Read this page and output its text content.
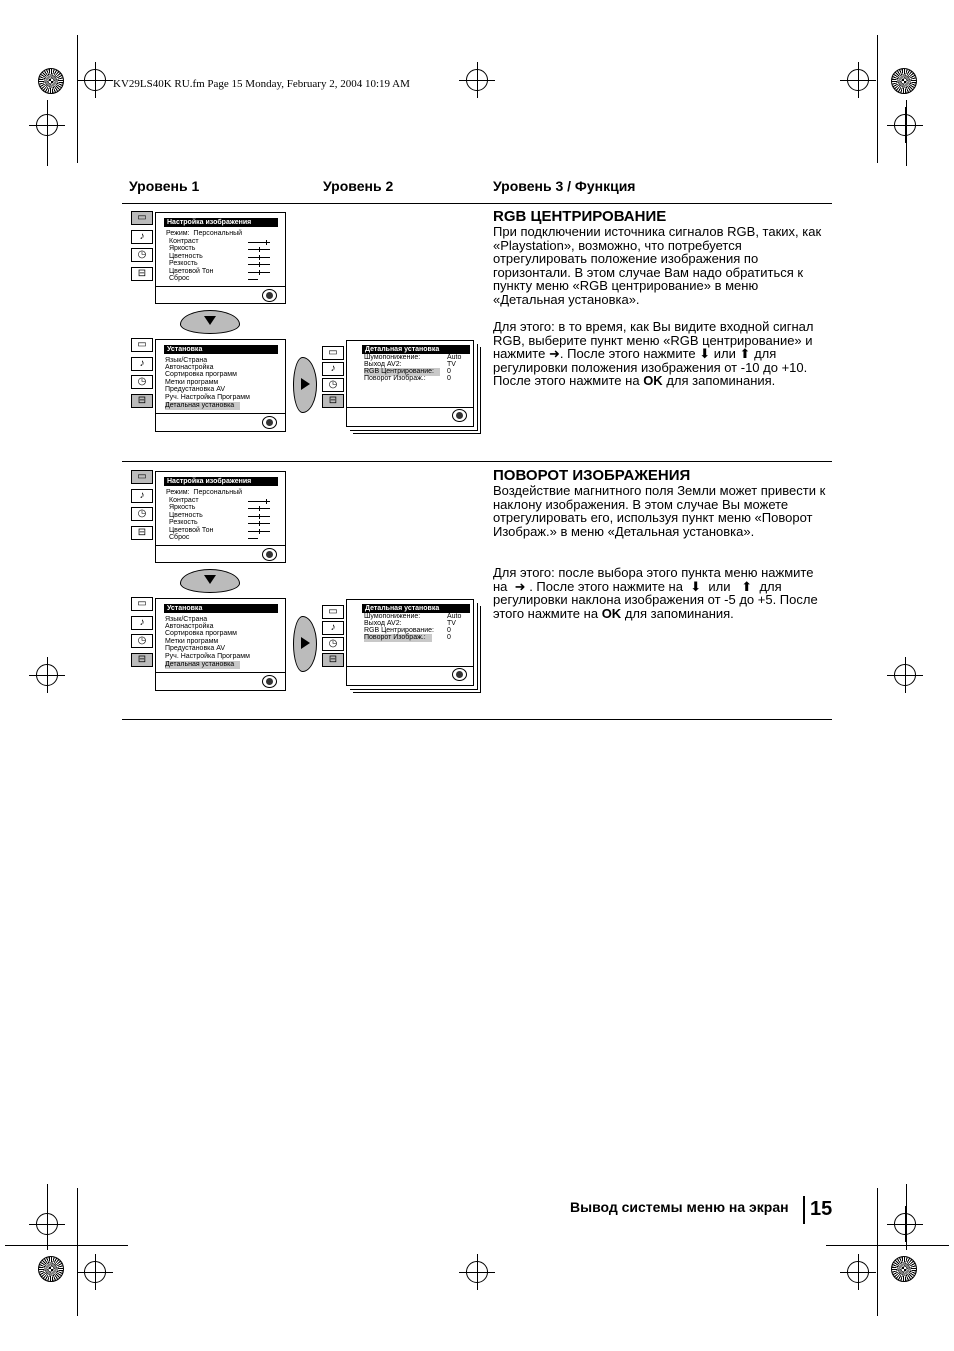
KV29LS40K RU.fm Page 15 Monday, February 2, 2004 10:19 AM
Уровень 1	Уровень 2	Уровень 3 / Функция
▭
♪
◷
⊟
Настройка изображения
Режим: Персональный
Контраст
Яркость
Цветность
Резкость
Цветовой Тон
Сброс
▭
♪
◷
⊟
Установка
Язык/Страна
Автонастройка
Сортировка программ
Метки программ
Предустановка AV
Руч. Настройка Программ
Детальная установка
▭
♪
◷
⊟
Детальная установка
Шумопонижение:
Выход AV2:
RGB Центрирование:
Поворот Изображ.:
Auto
TV
0
0
RGB ЦЕНТРИРОВАНИЕ
При подключении источника сигналов RGB, таких, как «Playstation», возможно, что потребуется отрегулировать положение изображения по горизонтали. В этом случае Вам надо обратиться к пункту меню «RGB центрирование» в меню «Детальная установка».
Для этого: в то время, как Вы видите входной сигнал RGB, выберите пункт меню «RGB центрирование» и нажмите ➜. После этого нажмите ⬇ или ⬆ для регулировки положения изображения от -10 до +10. После этого нажмите на OK для запоминания.
▭
♪
◷
⊟
Настройка изображения
Режим: Персональный
Контраст
Яркость
Цветность
Резкость
Цветовой Тон
Сброс
▭
♪
◷
⊟
Установка
Язык/Страна
Автонастройка
Сортировка программ
Метки программ
Предустановка AV
Руч. Настройка Программ
Детальная установка
▭
♪
◷
⊟
Детальная установка
Шумопонижение:
Выход AV2:
RGB Центрирование:
Поворот Изображ.:
Auto
TV
0
0
ПОВОРОТ ИЗОБРАЖЕНИЯ
Воздействие магнитного поля Земли может привести к наклону изображения. В этом случае Вы можете отрегулировать его, используя пункт меню «Поворот Изображ.» в меню «Детальная установка».
Для этого: после выбора этого пункта меню нажмите на ➜ . После этого нажмите на ⬇ или ⬆ для регулировки наклона изображения от -5 до +5. После этого нажмите на OK для запоминания.
Вывод системы меню на экран 15
